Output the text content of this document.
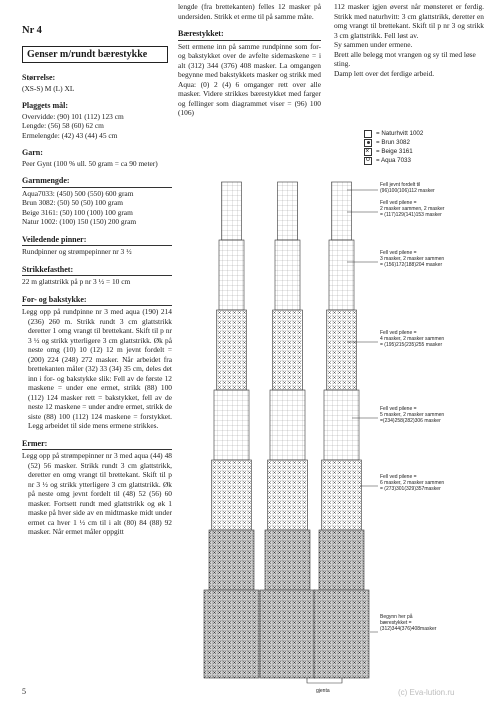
Nr 4

Genser m/rundt bærestykke

Størrelse:

(XS-S) M (L) XL

Plaggets mål:

Overvidde: (90) 101 (112) 123 cm

Lengde: (56) 58 (60) 62 cm

Ermelengde: (42) 43 (44) 45 cm

Garn:

Peer Gynt (100 % ull. 50 gram = ca 90 meter)

Garnmengde:

Aqua7033: (450) 500 (550) 600 gram

Brun 3082: (50) 50 (50) 100 gram

Beige 3161: (50) 100 (100) 100 gram

Natur 1002: (100) 150 (150) 200 gram

Veiledende pinner:

Rundpinner og strømpepinner nr 3 ½

Strikkefasthet:

22 m glattstrikk på p nr 3 ½ = 10 cm

For- og bakstykke:

Legg opp på rundpinne nr 3 med aqua (190) 214 (236) 260 m. Strikk rundt 3 cm glattstrikk deretter 1 omg vrangt til brettekant. Skift til p nr 3 ½ og strikk ytterligere 3 cm glattstrikk. Øk på neste omg (10) 10 (12) 12 m jevnt fordelt = (200) 224 (248) 272 masker. Når arbeidet fra brettekanten måler (32) 33 (34) 35 cm, deles det inn i for- og bakstykke slik: Fell av de første 12 maskene = under ene ermet, strikk (88) 100 (112) 124 masker rett = bakstykket, fell av de neste 12 maskene = under andre ermet, strikk de siste (88) 100 (112) 124 maskene = forstykket. Legg arbeidet til side mens ermene strikkes.

Ermer:

Legg opp på strømpepinner nr 3 med aqua (44) 48 (52) 56 masker. Strikk rundt 3 cm glattstrikk, deretter en omg vrangt til brettekant. Skift til p nr 3 ½ og strikk ytterligere 3 cm glattstrikk. Øk på neste omg jevnt fordelt til (48) 52 (56) 60 masker. Fortsett rundt med glattstrikk og øk 1 maske på hver side av en midtmaske midt under ermet ca hver 1 ½ cm til i alt (80) 84 (88) 92 masker. Når ermet måler oppgitt

lengde (fra brettekanten) felles 12 masker på undersiden. Strikk et erme til på samme måte.

Bærestykket:

Sett ermene inn på samme rundpinne som for- og bakstykket over de avfelte sidemaskene = i alt (312) 344 (376) 408 masker. La omgangen begynne med bakstykkets masker og strikk med Aqua: (0) 2 (4) 6 omganger rett over alle masker. Videre strikkes bærestykket med farger og fellinger som diagrammet viser = (96) 100 (106)

112 masker igjen øverst når mønsteret er ferdig. Strikk med naturhvitt: 3 cm glattstrikk, deretter en omg vrangt til brettekant. Skift til p nr 3 og strikk 3 cm glattstrikk. Fell løst av.

Sy sammen under ermene.

Brett alle belegg mot vrangen og sy til med løse sting.

Damp lett over det ferdige arbeid.

= Naturhvitt 1002
= Brun 3082
×
= Beige 3161
o
= Aqua 7033
Fell jevnt fordelt til
(96)100(106)112 masker
Fell ved pilene =
2 masker sammen, 2 masker
= (117)129(141)153 masker
Fell ved pilene =
3 masker, 2 masker sammen
= (156)172(188)204 masker
Fell ved pilene =
4 masker, 2 masker sammen
= (195)215(235)255 masker
Fell ved pilene =
5 masker, 2 masker sammen
=(234)258(282)306 masker
Fell ved pilene =
6 masker, 2 masker sammen
= (273)301(329)357masker
Begynn her på
bærestykket =
(312)344(376)408masker
gjenta

5	(c) Eva-lution.ru
